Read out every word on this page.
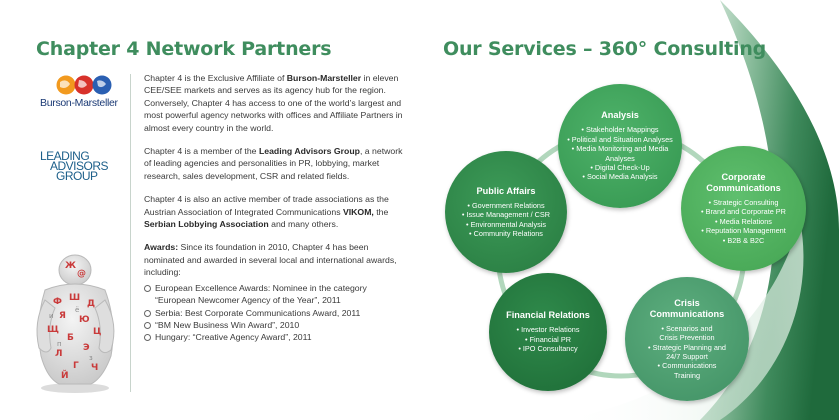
Chapter 4 Network Partners	Our Services – 360° Consulting
Burson-Marsteller
LEADING
ADVISORS
GROUP
Ж
@
Ф Ш
Д
Я Ю
Щ	Ц
Б
Э
Л
Г Ч
Й
ё
п
з
и

Chapter 4 is the Exclusive Affiliate of Burson-Marsteller in eleven CEE/SEE markets and serves as its agency hub for the region. Conversely, Chapter 4 has access to one of the world’s largest and most powerful agency networks with offices and Affiliate Partners in almost every country in the world.

Chapter 4 is a member of the Leading Advisors Group, a network of leading agencies and personalities in PR, lobbying, market research, sales development, CSR and related fields.

Chapter 4 is also an active member of trade associations as the Austrian Association of Integrated Communications VIKOM, the Serbian Lobbying Association and many others.

Awards: Since its foundation in 2010, Chapter 4 has been nominated and awarded in several local and international awards, including:

European Excellence Awards: Nominee in the category “European Newcomer Agency of the Year”, 2011
Serbia: Best Corporate Communications Award, 2011
“BM New Business Win Award”, 2010
Hungary: “Creative Agency Award”, 2011
Analysis
• Stakeholder Mappings
• Political and Situation Analyses
• Media Monitoring and Media
Analyses
• Digital Check-Up
• Social Media Analysis
Public Affairs
• Government Relations
• Issue Management / CSR
• Environmental Analysis
• Community Relations
Corporate
Communications
• Strategic Consulting
• Brand and Corporate PR
• Media Relations
• Reputation Management
• B2B & B2C
Financial Relations
• Investor Relations
• Financial PR
• IPO Consultancy
Crisis
Communications
• Scenarios and
Crisis Prevention
• Strategic Planning and
24/7 Support
• Communications
Training
